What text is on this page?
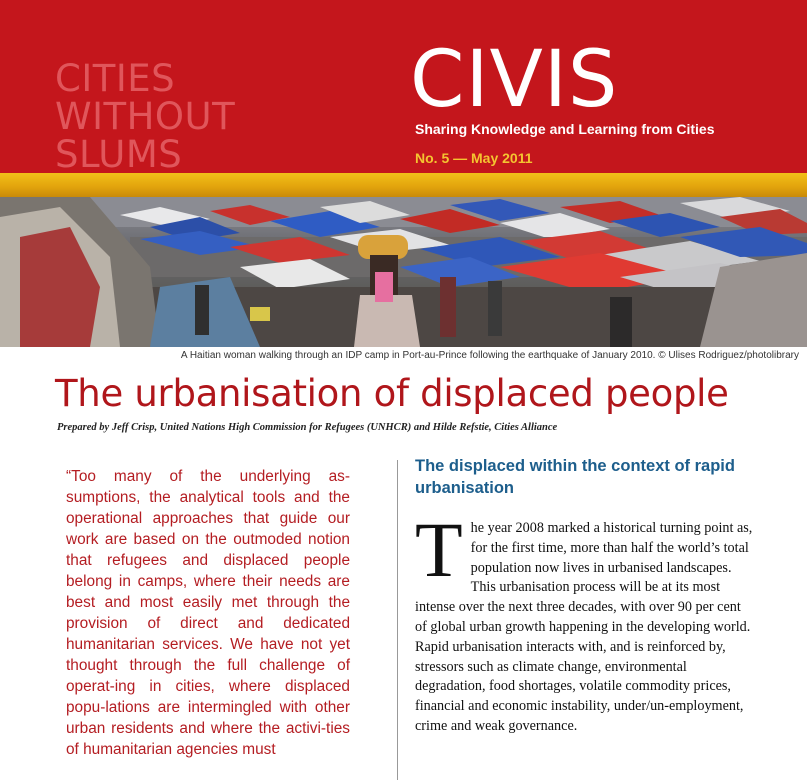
CITIES
WITHOUT
SLUMS
CIVIS
Sharing Knowledge and Learning from Cities
No. 5 — May 2011
A Haitian woman walking through an IDP camp in Port-au-Prince following the earthquake of January 2010. © Ulises Rodriguez/photolibrary
The urbanisation of displaced people
Prepared by Jeff Crisp, United Nations High Commission for Refugees (UNHCR) and Hilde Refstie, Cities Alliance
“Too many of the underlying as-sumptions, the analytical tools and the operational approaches that guide our work are based on the outmoded notion that refugees and displaced people belong in camps, where their needs are best and most easily met through the provision of direct and dedicated humanitarian services. We have not yet thought through the full challenge of operat-ing in cities, where displaced popu-lations are intermingled with other urban residents and where the activi-ties of humanitarian agencies must
The displaced within the context of rapid urbanisation
The year 2008 marked a historical turning point as, for the first time, more than half the world’s total population now lives in urbanised landscapes. This urbanisation process will be at its most intense over the next three decades, with over 90 per cent of global urban growth happening in the developing world. Rapid urbanisation interacts with, and is reinforced by, stressors such as climate change, environmental degradation, food shortages, volatile commodity prices, financial and economic instability, under/un-employment, crime and weak governance.
